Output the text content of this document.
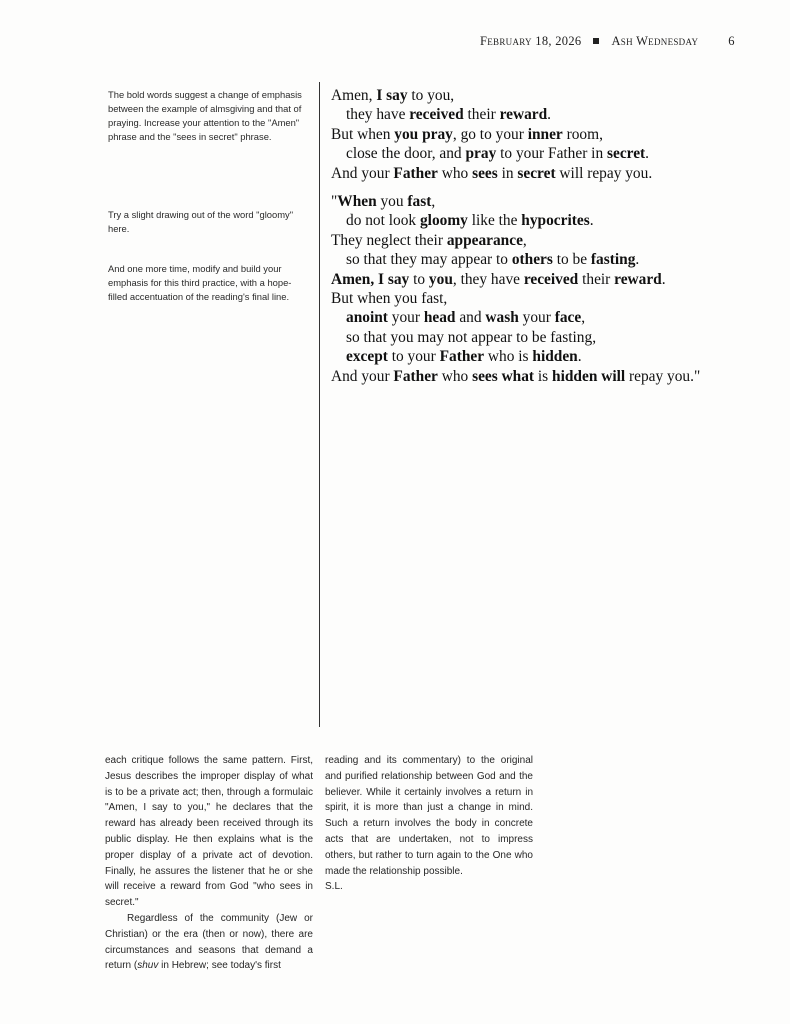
February 18, 2026 Ash Wednesday 6
The bold words suggest a change of emphasis between the example of almsgiving and that of praying. Increase your attention to the "Amen" phrase and the "sees in secret" phrase.
Try a slight drawing out of the word "gloomy" here.
And one more time, modify and build your emphasis for this third practice, with a hope-filled accentuation of the reading's final line.
Amen, I say to you,
they have received their reward.
But when you pray, go to your inner room,
close the door, and pray to your Father in secret.
And your Father who sees in secret will repay you.
"When you fast,
do not look gloomy like the hypocrites.
They neglect their appearance,
so that they may appear to others to be fasting.
Amen, I say to you, they have received their reward.
But when you fast,
anoint your head and wash your face,
so that you may not appear to be fasting,
except to your Father who is hidden.
And your Father who sees what is hidden will repay you."

each critique follows the same pattern. First, Jesus describes the improper display of what is to be a private act; then, through a formulaic "Amen, I say to you," he declares that the reward has already been received through its public display. He then explains what is the proper display of a private act of devotion. Finally, he assures the listener that he or she will receive a reward from God "who sees in secret."

Regardless of the community (Jew or Christian) or the era (then or now), there are circumstances and seasons that demand a return (shuv in Hebrew; see today's first

reading and its commentary) to the original and purified relationship between God and the believer. While it certainly involves a return in spirit, it is more than just a change in mind. Such a return involves the body in concrete acts that are undertaken, not to impress others, but rather to turn again to the One who made the relationship possible.

S.L.
